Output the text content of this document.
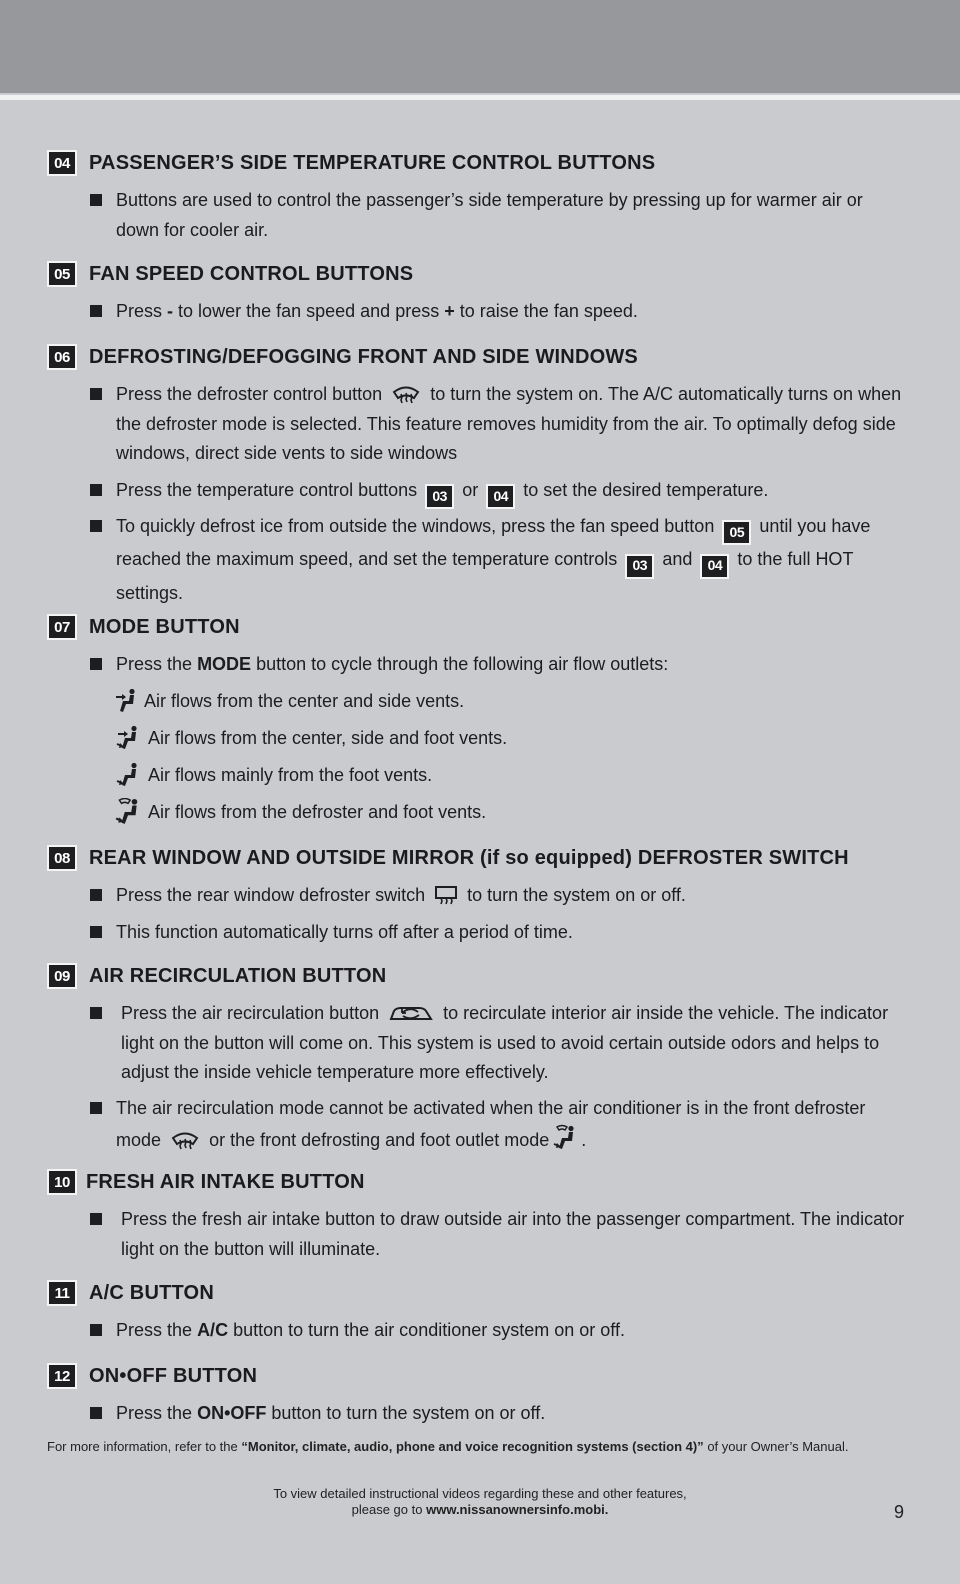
04 PASSENGER’S SIDE TEMPERATURE CONTROL BUTTONS
Buttons are used to control the passenger’s side temperature by pressing up for warmer air or down for cooler air.
05 FAN SPEED CONTROL BUTTONS
Press - to lower the fan speed and press + to raise the fan speed.
06 DEFROSTING/DEFOGGING FRONT AND SIDE WINDOWS
Press the defroster control button	to turn the system on. The A/C automatically turns on when the defroster mode is selected. This feature removes humidity from the air. To optimally defog side windows, direct side vents to side windows
Press the temperature control buttons 03 or 04 to set the desired temperature.
To quickly defrost ice from outside the windows, press the fan speed button 05 until you have reached the maximum speed, and set the temperature controls 03 and 04 to the full HOT settings.
07 MODE BUTTON
Press the MODE button to cycle through the following air flow outlets:
Air flows from the center and side vents.
Air flows from the center, side and foot vents.
Air flows mainly from the foot vents.
Air flows from the defroster and foot vents.
08 REAR WINDOW AND OUTSIDE MIRROR (if so equipped) DEFROSTER SWITCH
Press the rear window defroster switch to turn the system on or off.
This function automatically turns off after a period of time.
09 AIR RECIRCULATION BUTTON
Press the air recirculation button	to recirculate interior air inside the vehicle. The indicator light on the button will come on. This system is used to avoid certain outside odors and helps to adjust the inside vehicle temperature more effectively.
The air recirculation mode cannot be activated when the air conditioner is in the front defroster mode	or the front defrosting and foot outlet mode .
10 FRESH AIR INTAKE BUTTON
Press the fresh air intake button to draw outside air into the passenger compartment. The indicator light on the button will illuminate.
11 A/C BUTTON
Press the A/C button to turn the air conditioner system on or off.
12 ON•OFF BUTTON
Press the ON•OFF button to turn the system on or off.
For more information, refer to the “Monitor, climate, audio, phone and voice recognition systems (section 4)” of your Owner’s Manual.
To view detailed instructional videos regarding these and other features,
please go to www.nissanownersinfo.mobi.	9
